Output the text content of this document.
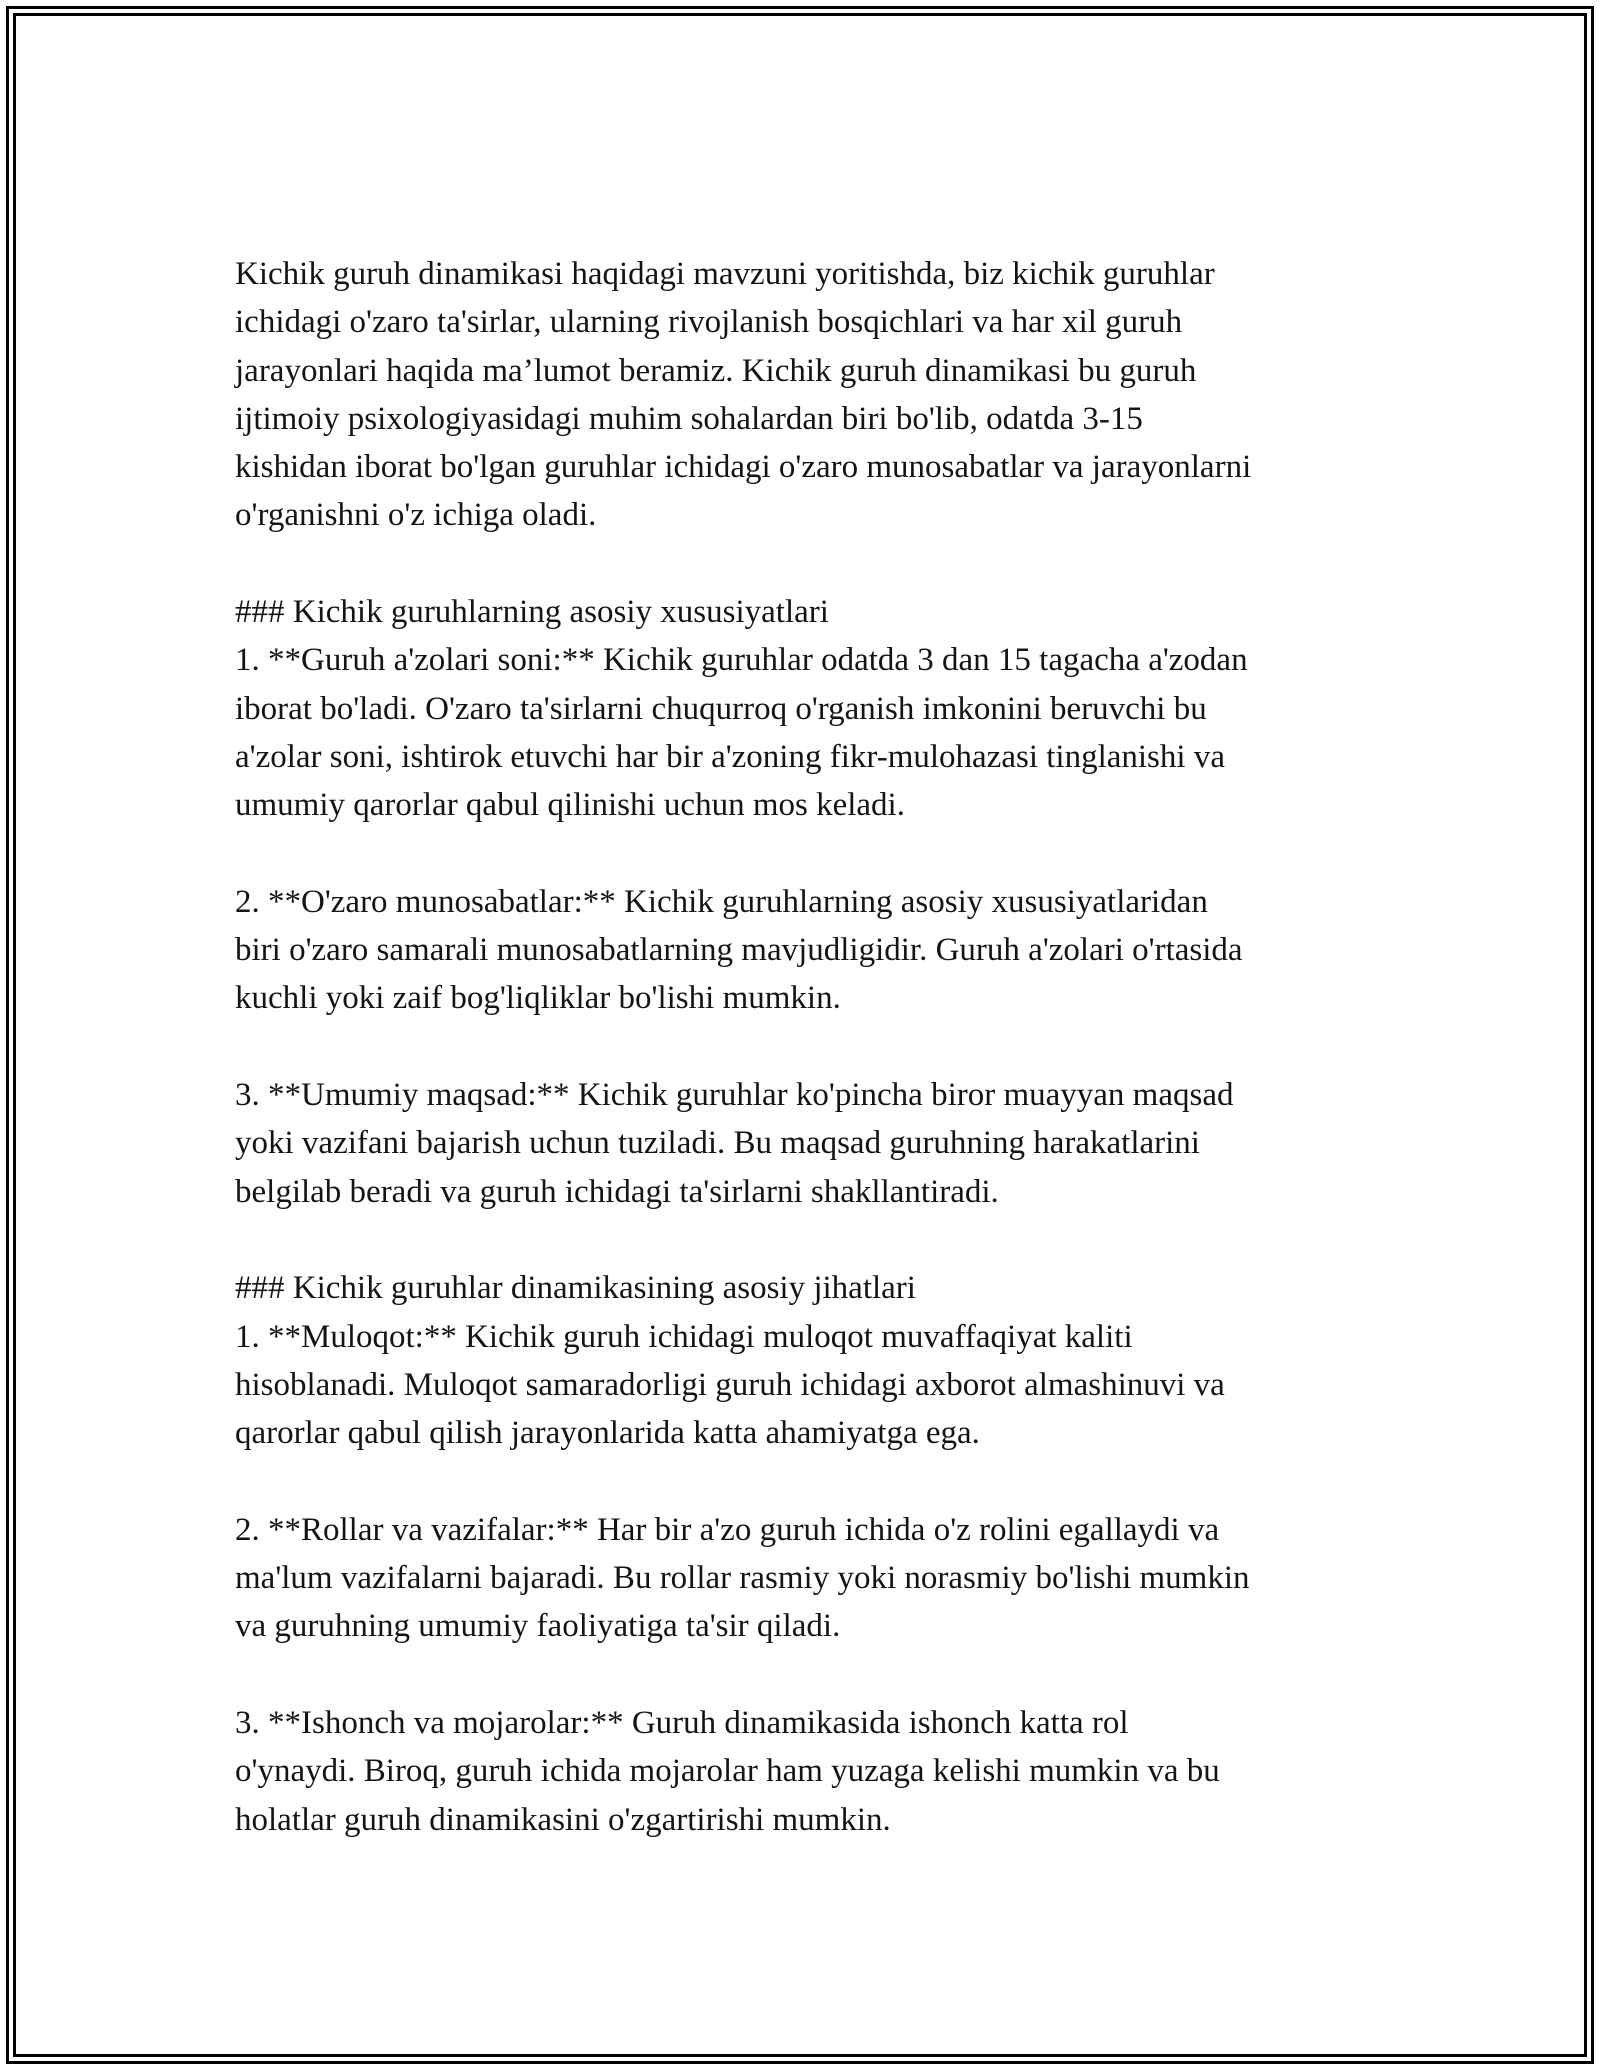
Kichik guruh dinamikasi haqidagi mavzuni yoritishda, biz kichik guruhlar
ichidagi o'zaro ta'sirlar, ularning rivojlanish bosqichlari va har xil guruh
jarayonlari haqida ma’lumot beramiz. Kichik guruh dinamikasi bu guruh
ijtimoiy psixologiyasidagi muhim sohalardan biri bo'lib, odatda 3-15
kishidan iborat bo'lgan guruhlar ichidagi o'zaro munosabatlar va jarayonlarni
o'rganishni o'z ichiga oladi.
### Kichik guruhlarning asosiy xususiyatlari
1. **Guruh a'zolari soni:** Kichik guruhlar odatda 3 dan 15 tagacha a'zodan
iborat bo'ladi. O'zaro ta'sirlarni chuqurroq o'rganish imkonini beruvchi bu
a'zolar soni, ishtirok etuvchi har bir a'zoning fikr-mulohazasi tinglanishi va
umumiy qarorlar qabul qilinishi uchun mos keladi.
2. **O'zaro munosabatlar:** Kichik guruhlarning asosiy xususiyatlaridan
biri o'zaro samarali munosabatlarning mavjudligidir. Guruh a'zolari o'rtasida
kuchli yoki zaif bog'liqliklar bo'lishi mumkin.
3. **Umumiy maqsad:** Kichik guruhlar ko'pincha biror muayyan maqsad
yoki vazifani bajarish uchun tuziladi. Bu maqsad guruhning harakatlarini
belgilab beradi va guruh ichidagi ta'sirlarni shakllantiradi.
### Kichik guruhlar dinamikasining asosiy jihatlari
1. **Muloqot:** Kichik guruh ichidagi muloqot muvaffaqiyat kaliti
hisoblanadi. Muloqot samaradorligi guruh ichidagi axborot almashinuvi va
qarorlar qabul qilish jarayonlarida katta ahamiyatga ega.
2. **Rollar va vazifalar:** Har bir a'zo guruh ichida o'z rolini egallaydi va
ma'lum vazifalarni bajaradi. Bu rollar rasmiy yoki norasmiy bo'lishi mumkin
va guruhning umumiy faoliyatiga ta'sir qiladi.
3. **Ishonch va mojarolar:** Guruh dinamikasida ishonch katta rol
o'ynaydi. Biroq, guruh ichida mojarolar ham yuzaga kelishi mumkin va bu
holatlar guruh dinamikasini o'zgartirishi mumkin.
